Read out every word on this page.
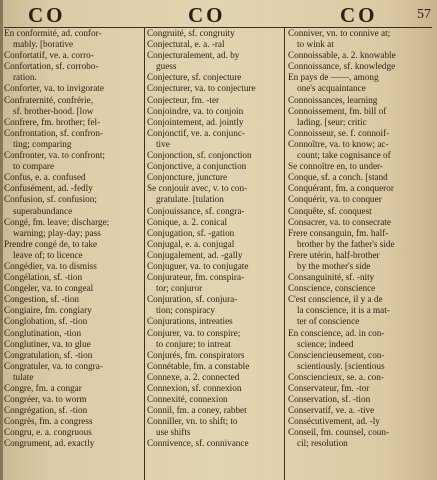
CO	CO	CO	57
En conformité, ad. confor-
mably. [borative
Confortatif, ve. a. corro-
Confortation, sf. corrobo-
ration.
Conforter, va. to invigorate
Confraternité, confrérie,
sf. brother-hood. [low
Confrere, fm. brother; fel-
Confrontation, sf. confron-
ting; comparing
Confronter, va. to confront;
to compare
Confus, e. a. confused
Confusément, ad. -fedly
Confusion, sf. confusion;
superabundance
Congé, fm. leave; discharge;
warning; play-day; pass
Prendre congé de, to take
leave of; to licence
Congédier, va. to dismiss
Congélation, sf. -tion
Congeler, va. to congeal
Congestion, sf. -tion
Congiaire, fm. congiary
Conglobation, sf. -tion
Conglutination, -tion
Conglutiner, va. to glue
Congratulation, sf. -tion
Congratuler, va. to congra-
tulate
Congre, fm. a congar
Congréer, va. to worm
Congrégation, sf. -tion
Congrès, fm. a congress
Congru, e. a. congruous
Congrument, ad. exactly
Congruité, sf. congruity
Conjectural, e. a. -ral
Conjecturalement, ad. by
guess
Conjecture, sf. conjecture
Conjecturer, va. to conjecture
Conjecteur, fm. -ter
Conjoindre, va. to conjoin
Conjointement, ad. jointly
Conjonctif, ve. a. conjunc-
tive
Conjonction, sf. conjonction
Conjonctive, a conjunction
Conjoncture, juncture
Se conjouir avec, v. to con-
gratulate. [tulation
Conjouissance, sf. congra-
Conique, a. 2. conical
Conjugation, sf. -gation
Conjugal, e. a. conjugal
Conjugalement, ad. -gally
Conjuguer, va. to conjugate
Conjurateur, fm. conspira-
tor; conjuror
Conjuration, sf. conjura-
tion; conspiracy
Conjurations, intreaties
Conjurer, va. to conspire;
to conjure; to intreat
Conjurés, fm. conspirators
Connétable, fm. a constable
Connexe, a. 2. connected
Connexion, sf. connexion
Connexité, connexion
Connil, fm. a coney, rabbet
Conniller, vn. to shift; to
use shifts
Connivence, sf. connivance
Conniver, vn. to connive at;
to wink at
Connoissable, a. 2. knowable
Connoissance, sf. knowledge
En pays de ——, among
one's acquaintance
Connoissances, learning
Connoissement, fm. bill of
lading. [seur; critic
Connoisseur, se. f. connoif-
Connoître, va. to know; ac-
count; take cognisance of
Se connoître en, to under-
Conque, sf. a conch. [stand
Conquérant, fm. a conqueror
Conquérir, va. to conquer
Conquête, sf. conquest
Consacrer, va. to consecrate
Frere consanguin, fm. half-
brother by the father's side
Frere utérin, half-brother
by the mother's side
Consanguinité, sf. -nity
Conscience, conscience
C'est conscience, il y a de
la conscience, it is a mat-
ter of conscience
En conscience, ad. in con-
science; indeed
Consciencieusement, con-
scientiously. [scientious
Consciencieux, se. a. con-
Conservateur, fm. -tor
Conservation, sf. -tion
Conservatif, ve. a. -tive
Consécutivement, ad. -ly
Conseil, fm. counsel, coun-
cil; resolution
